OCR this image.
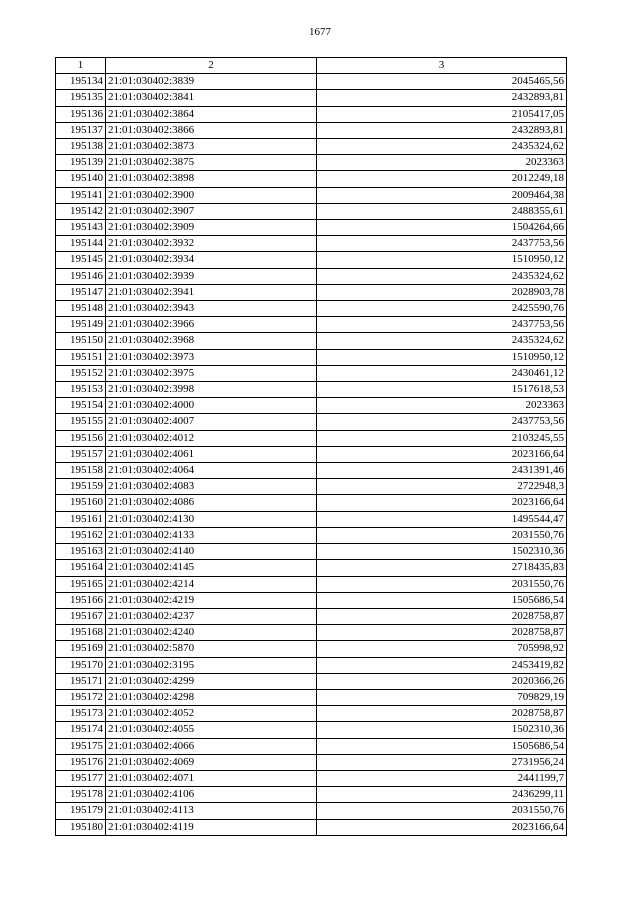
1677
1	2	3
195134	21:01:030402:3839	2045465,56
195135	21:01:030402:3841	2432893,81
195136	21:01:030402:3864	2105417,05
195137	21:01:030402:3866	2432893,81
195138	21:01:030402:3873	2435324,62
195139	21:01:030402:3875	2023363
195140	21:01:030402:3898	2012249,18
195141	21:01:030402:3900	2009464,38
195142	21:01:030402:3907	2488355,61
195143	21:01:030402:3909	1504264,66
195144	21:01:030402:3932	2437753,56
195145	21:01:030402:3934	1510950,12
195146	21:01:030402:3939	2435324,62
195147	21:01:030402:3941	2028903,78
195148	21:01:030402:3943	2425590,76
195149	21:01:030402:3966	2437753,56
195150	21:01:030402:3968	2435324,62
195151	21:01:030402:3973	1510950,12
195152	21:01:030402:3975	2430461,12
195153	21:01:030402:3998	1517618,53
195154	21:01:030402:4000	2023363
195155	21:01:030402:4007	2437753,56
195156	21:01:030402:4012	2103245,55
195157	21:01:030402:4061	2023166,64
195158	21:01:030402:4064	2431391,46
195159	21:01:030402:4083	2722948,3
195160	21:01:030402:4086	2023166,64
195161	21:01:030402:4130	1495544,47
195162	21:01:030402:4133	2031550,76
195163	21:01:030402:4140	1502310,36
195164	21:01:030402:4145	2718435,83
195165	21:01:030402:4214	2031550,76
195166	21:01:030402:4219	1505686,54
195167	21:01:030402:4237	2028758,87
195168	21:01:030402:4240	2028758,87
195169	21:01:030402:5870	705998,92
195170	21:01:030402:3195	2453419,82
195171	21:01:030402:4299	2020366,26
195172	21:01:030402:4298	709829,19
195173	21:01:030402:4052	2028758,87
195174	21:01:030402:4055	1502310,36
195175	21:01:030402:4066	1505686,54
195176	21:01:030402:4069	2731956,24
195177	21:01:030402:4071	2441199,7
195178	21:01:030402:4106	2436299,11
195179	21:01:030402:4113	2031550,76
195180	21:01:030402:4119	2023166,64
